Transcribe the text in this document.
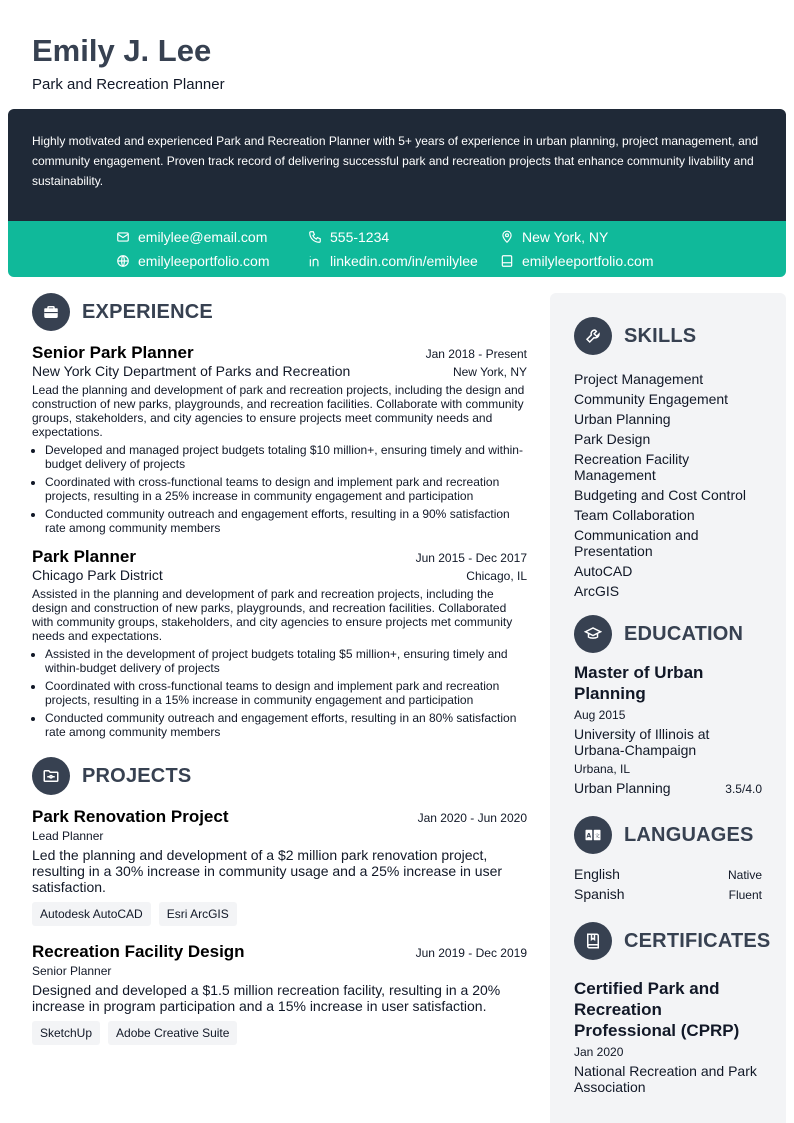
Emily J. Lee
Park and Recreation Planner
Highly motivated and experienced Park and Recreation Planner with 5+ years of experience in urban planning, project management, and community engagement. Proven track record of delivering successful park and recreation projects that enhance community livability and sustainability.
emilylee@email.com	555-1234	New York, NY
emilyleeportfolio.com	linkedin.com/in/emilylee	emilyleeportfolio.com
EXPERIENCE
Senior Park Planner	Jan 2018 - Present
New York City Department of Parks and Recreation	New York, NY
Lead the planning and development of park and recreation projects, including the design and construction of new parks, playgrounds, and recreation facilities. Collaborate with community groups, stakeholders, and city agencies to ensure projects meet community needs and expectations.
• Developed and managed project budgets totaling $10 million+, ensuring timely and within-budget delivery of projects
• Coordinated with cross-functional teams to design and implement park and recreation projects, resulting in a 25% increase in community engagement and participation
• Conducted community outreach and engagement efforts, resulting in a 90% satisfaction rate among community members
Park Planner	Jun 2015 - Dec 2017
Chicago Park District	Chicago, IL
Assisted in the planning and development of park and recreation projects, including the design and construction of new parks, playgrounds, and recreation facilities. Collaborated with community groups, stakeholders, and city agencies to ensure projects met community needs and expectations.
• Assisted in the development of project budgets totaling $5 million+, ensuring timely and within-budget delivery of projects
• Coordinated with cross-functional teams to design and implement park and recreation projects, resulting in a 15% increase in community engagement and participation
• Conducted community outreach and engagement efforts, resulting in an 80% satisfaction rate among community members
PROJECTS
Park Renovation Project	Jan 2020 - Jun 2020
Lead Planner
Led the planning and development of a $2 million park renovation project, resulting in a 30% increase in community usage and a 25% increase in user satisfaction.
Autodesk AutoCAD	Esri ArcGIS
Recreation Facility Design	Jun 2019 - Dec 2019
Senior Planner
Designed and developed a $1.5 million recreation facility, resulting in a 20% increase in program participation and a 15% increase in user satisfaction.
SketchUp	Adobe Creative Suite
SKILLS
Project Management
Community Engagement
Urban Planning
Park Design
Recreation Facility Management
Budgeting and Cost Control
Team Collaboration
Communication and Presentation
AutoCAD
ArcGIS
EDUCATION
Master of Urban Planning
Aug 2015
University of Illinois at Urbana-Champaign
Urbana, IL
Urban Planning	3.5/4.0
A 文 LANGUAGES
English	Native
Spanish	Fluent
CERTIFICATES
Certified Park and Recreation Professional (CPRP)
Jan 2020
National Recreation and Park Association
